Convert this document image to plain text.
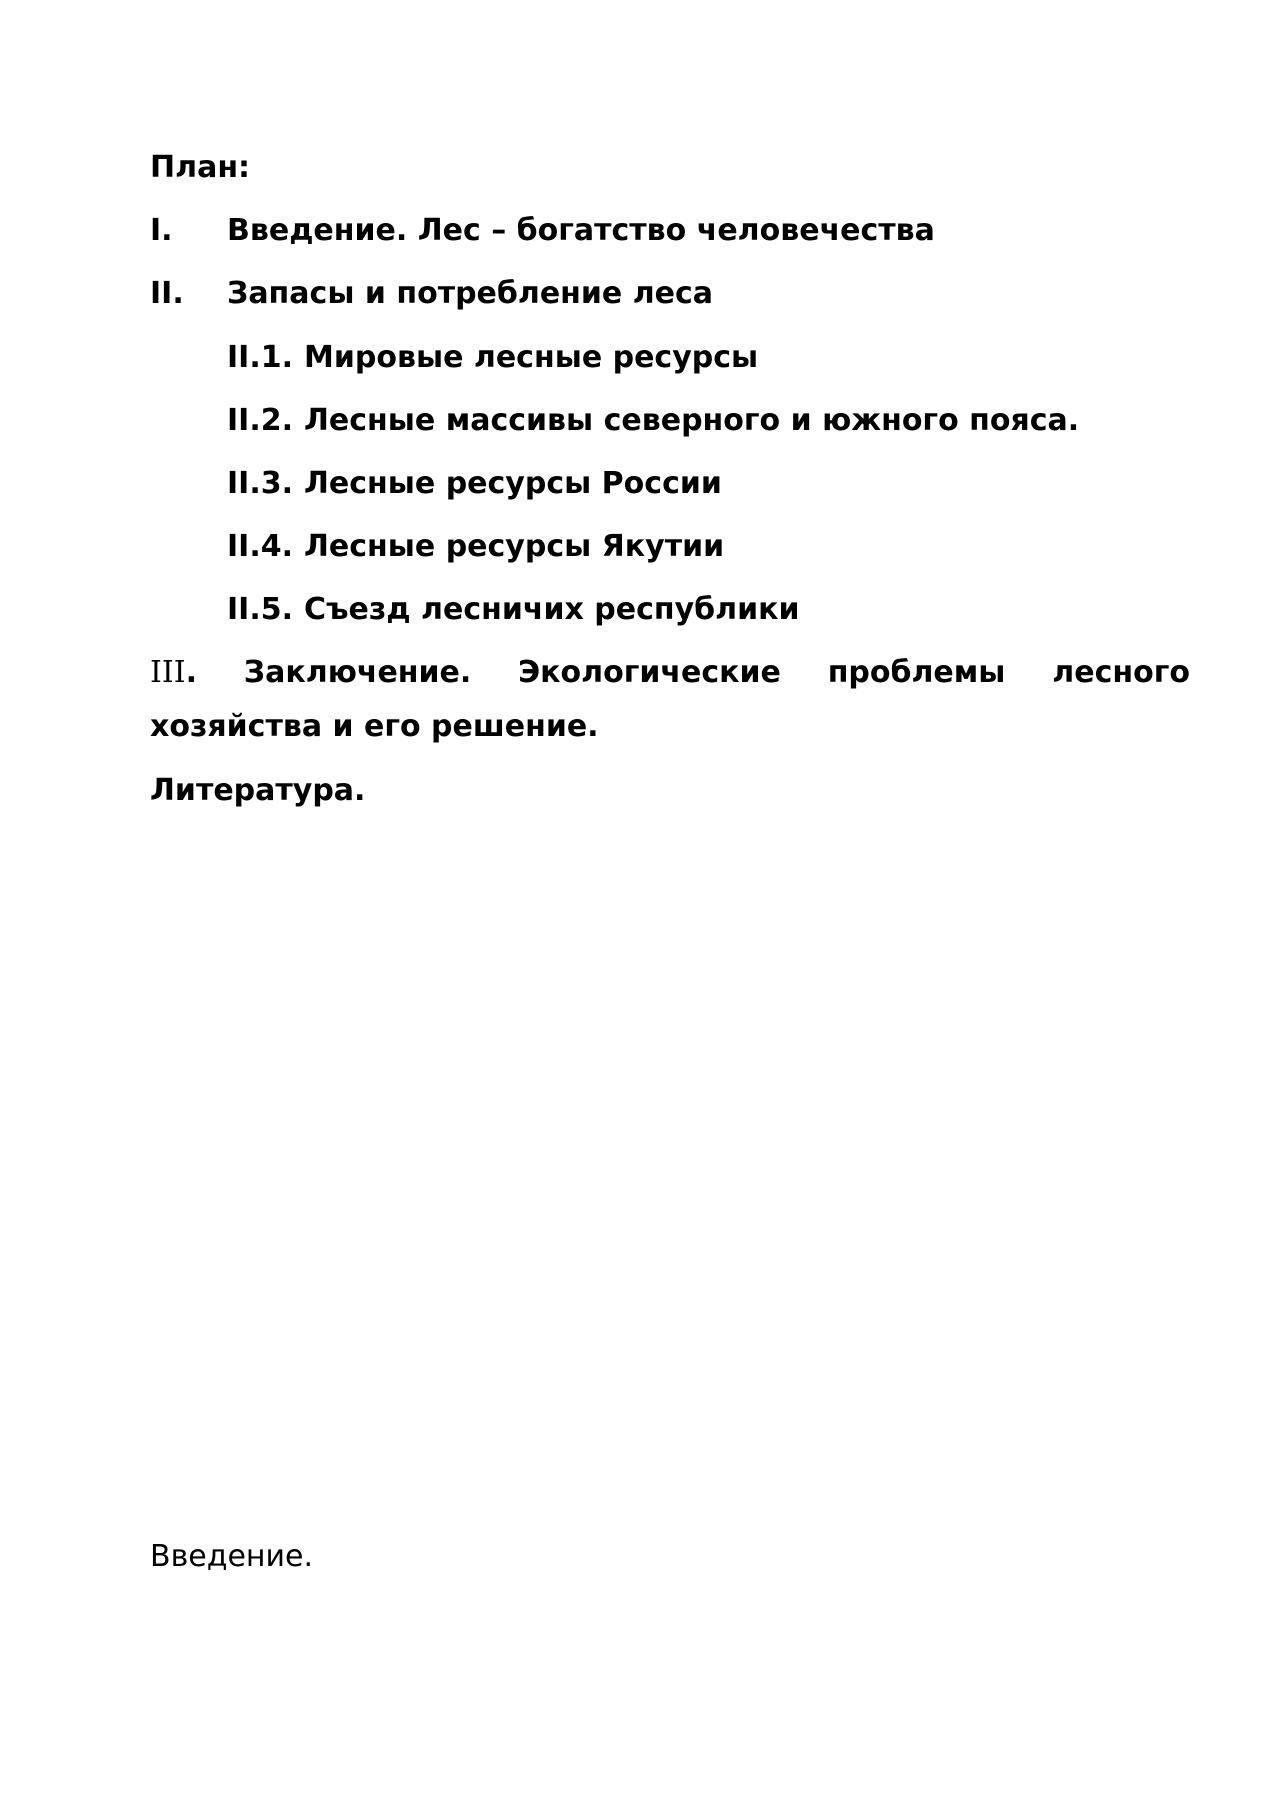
План:
I. Введение. Лес – богатство человечества
II. Запасы и потребление леса
II.1. Мировые лесные ресурсы
II.2. Лесные массивы северного и южного пояса.
II.3. Лесные ресурсы России
II.4. Лесные ресурсы Якутии
II.5. Съезд лесничих республики
III. Заключение. Экологические проблемы лесного
хозяйства и его решение.
Литература.
Введение.
